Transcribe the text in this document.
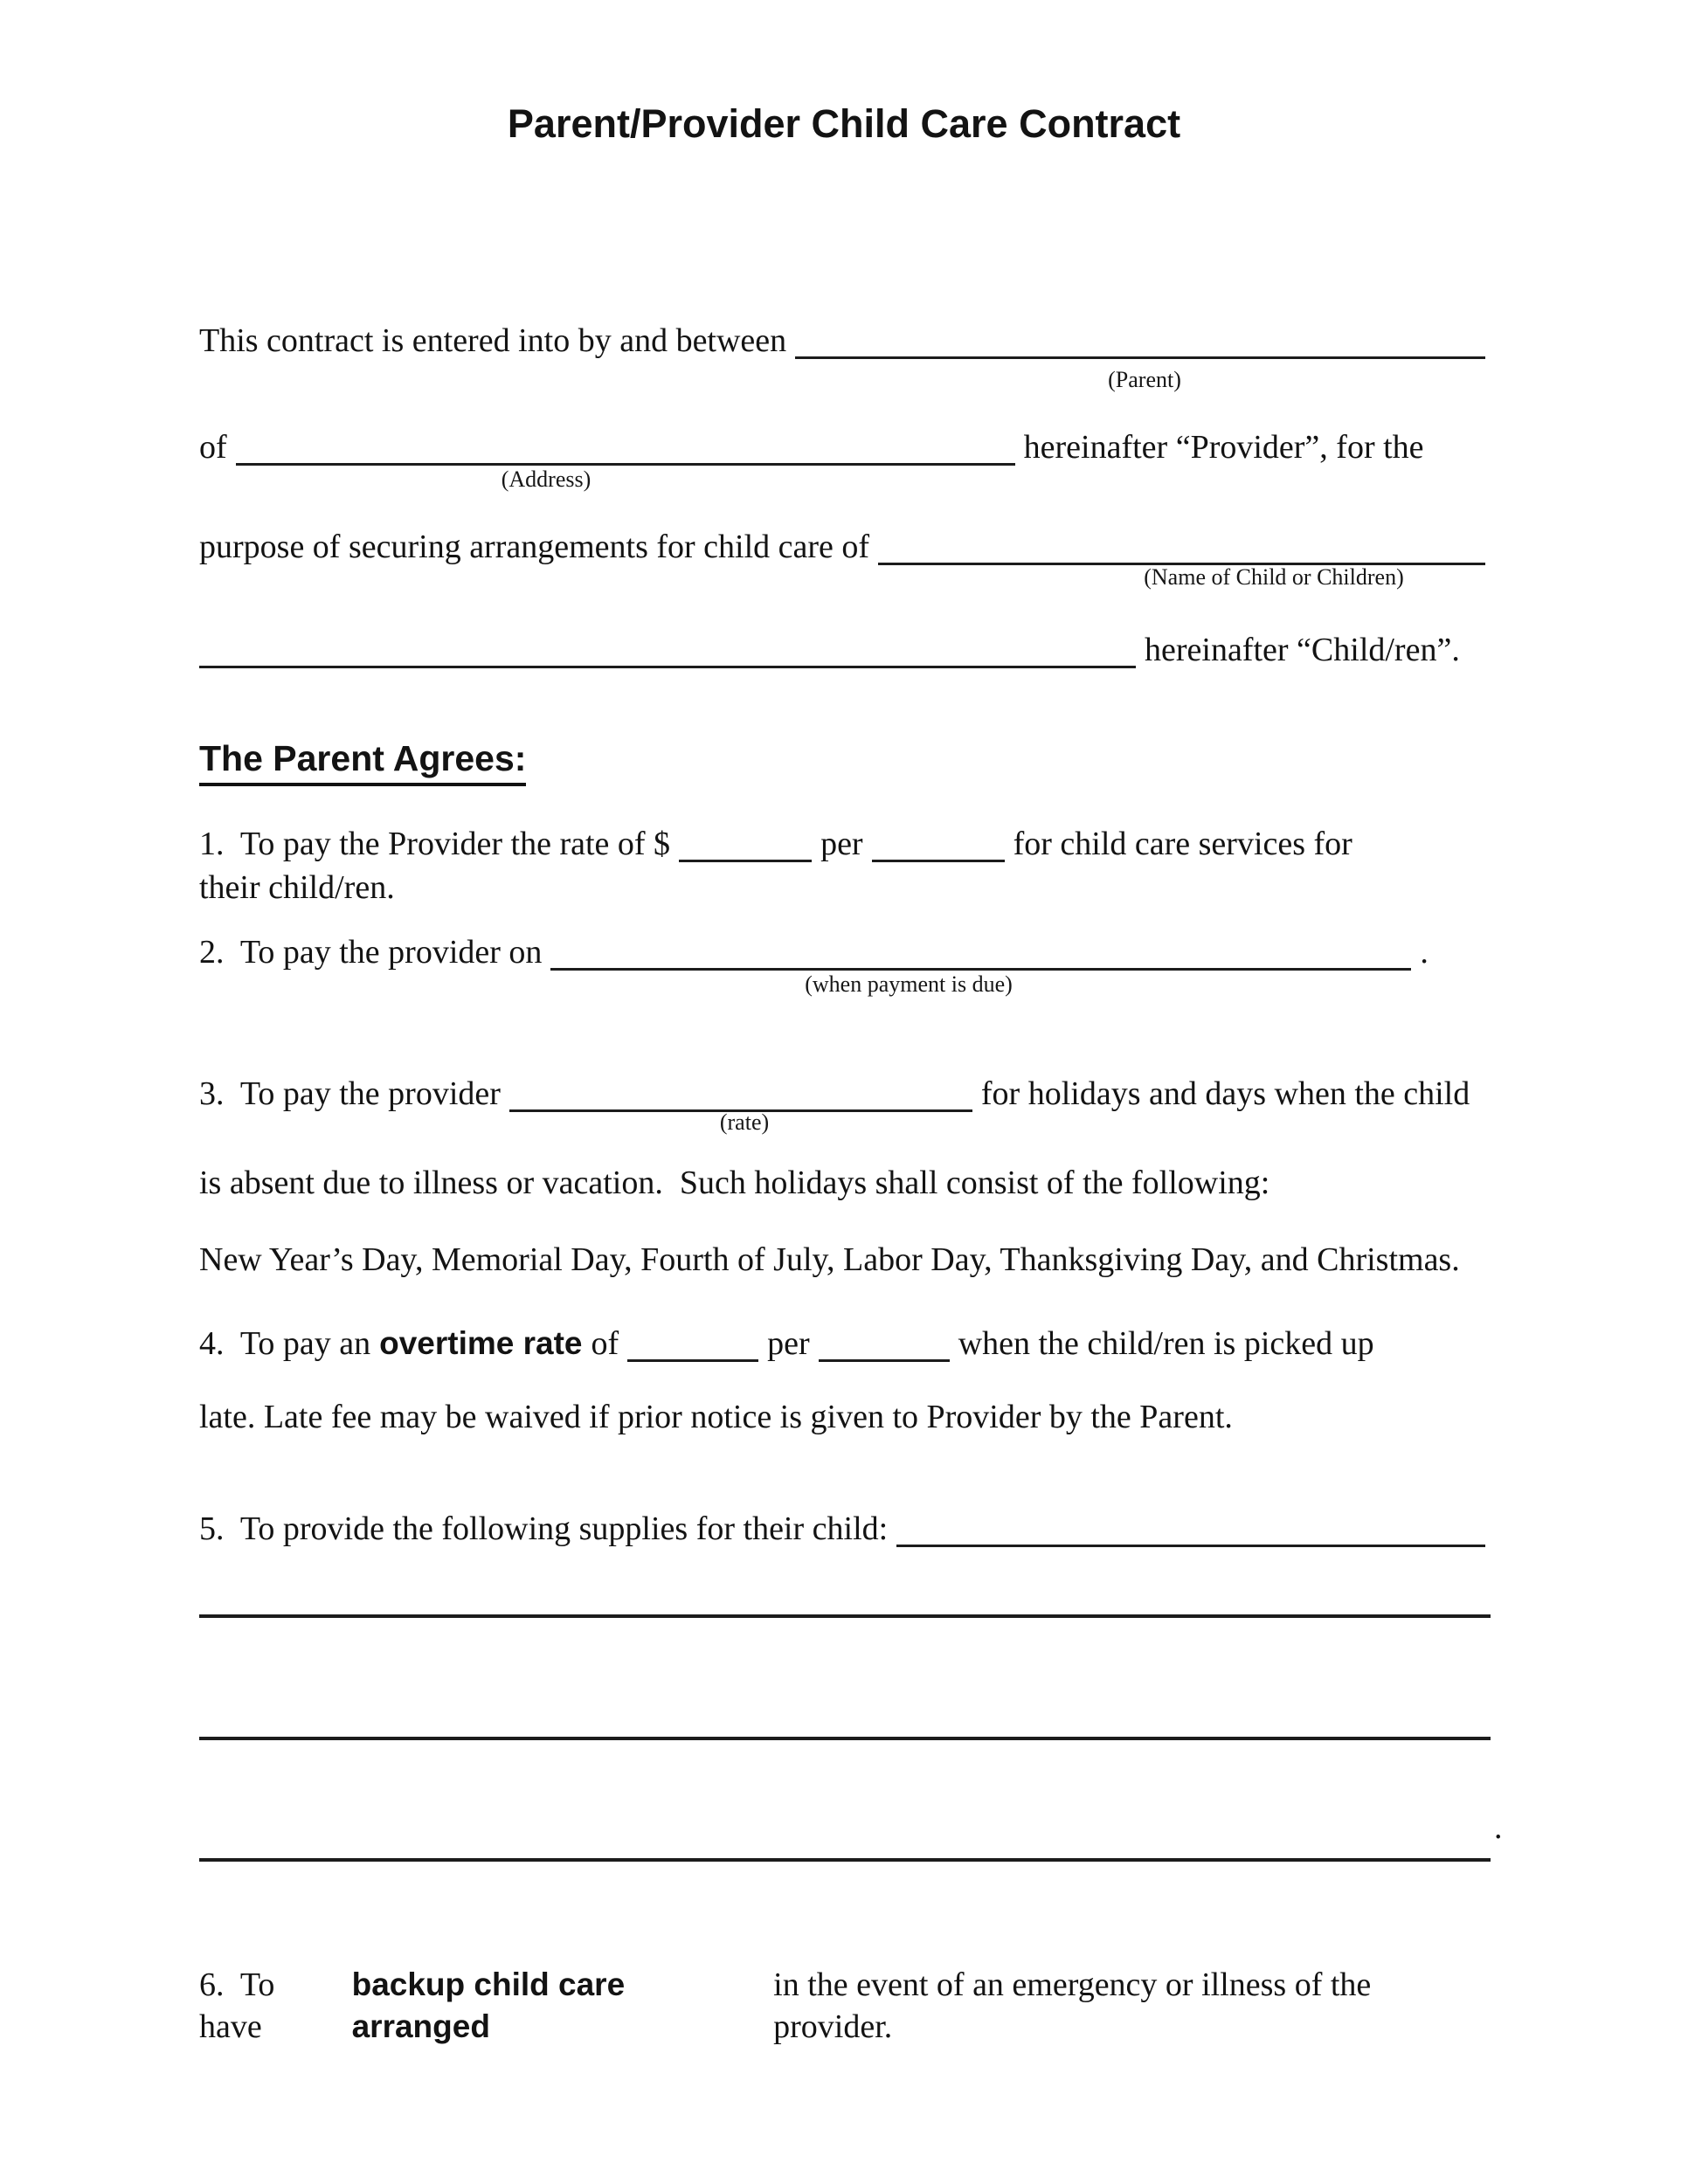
Parent/Provider Child Care Contract
This contract is entered into by and between
(Parent)
of	hereinafter “Provider”, for the
(Address)
purpose of securing arrangements for child care of
(Name of Child or Children)
hereinafter “Child/ren”.
The Parent Agrees:
1.  To pay the Provider the rate of $	per	for child care services for
their child/ren.
2.  To pay the provider on	.
(when payment is due)
3.  To pay the provider	for holidays and days when the child
(rate)
is absent due to illness or vacation.  Such holidays shall consist of the following:
New Year’s Day, Memorial Day, Fourth of July, Labor Day, Thanksgiving Day, and Christmas.
4.  To pay an overtime rate of	per	when the child/ren is picked up
late. Late fee may be waived if prior notice is given to Provider by the Parent.
5.  To provide the following supplies for their child:
.
6.  To have
backup child care arranged
in the event of an emergency or illness of the provider.
